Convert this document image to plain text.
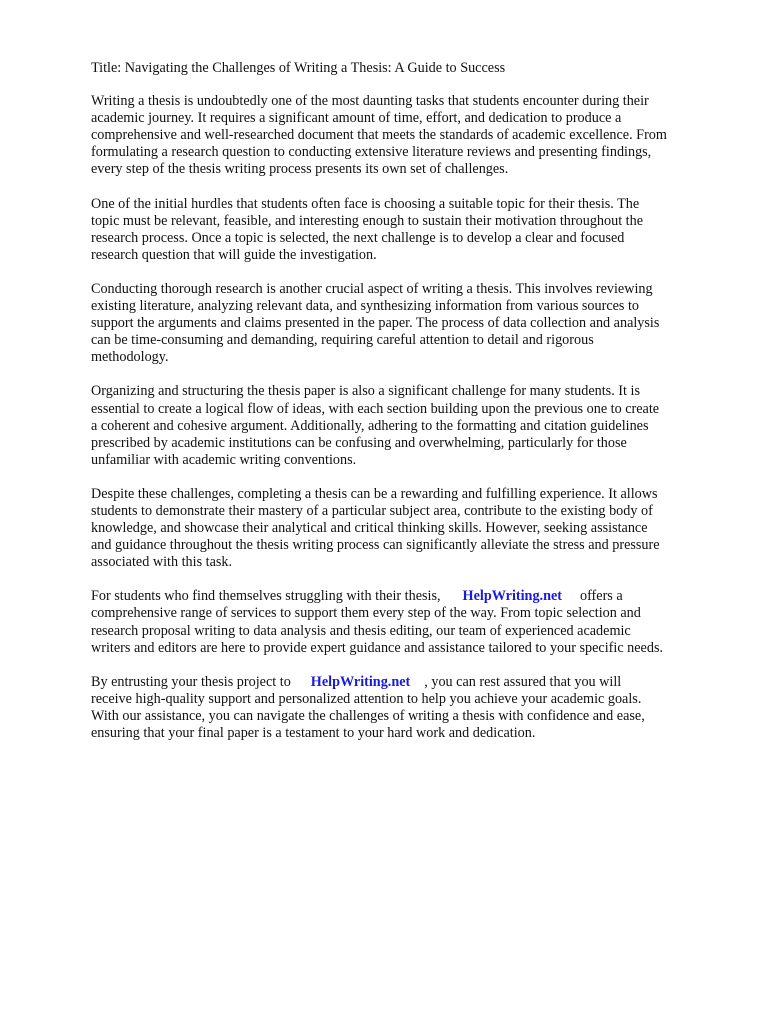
Title: Navigating the Challenges of Writing a Thesis: A Guide to Success
Writing a thesis is undoubtedly one of the most daunting tasks that students encounter during their
academic journey. It requires a significant amount of time, effort, and dedication to produce a
comprehensive and well-researched document that meets the standards of academic excellence. From
formulating a research question to conducting extensive literature reviews and presenting findings,
every step of the thesis writing process presents its own set of challenges.
One of the initial hurdles that students often face is choosing a suitable topic for their thesis. The
topic must be relevant, feasible, and interesting enough to sustain their motivation throughout the
research process. Once a topic is selected, the next challenge is to develop a clear and focused
research question that will guide the investigation.
Conducting thorough research is another crucial aspect of writing a thesis. This involves reviewing
existing literature, analyzing relevant data, and synthesizing information from various sources to
support the arguments and claims presented in the paper. The process of data collection and analysis
can be time-consuming and demanding, requiring careful attention to detail and rigorous
methodology.
Organizing and structuring the thesis paper is also a significant challenge for many students. It is
essential to create a logical flow of ideas, with each section building upon the previous one to create
a coherent and cohesive argument. Additionally, adhering to the formatting and citation guidelines
prescribed by academic institutions can be confusing and overwhelming, particularly for those
unfamiliar with academic writing conventions.
Despite these challenges, completing a thesis can be a rewarding and fulfilling experience. It allows
students to demonstrate their mastery of a particular subject area, contribute to the existing body of
knowledge, and showcase their analytical and critical thinking skills. However, seeking assistance
and guidance throughout the thesis writing process can significantly alleviate the stress and pressure
associated with this task.
For students who find themselves struggling with their thesis, HelpWriting.net offers a
comprehensive range of services to support them every step of the way. From topic selection and
research proposal writing to data analysis and thesis editing, our team of experienced academic
writers and editors are here to provide expert guidance and assistance tailored to your specific needs.
By entrusting your thesis project to HelpWriting.net , you can rest assured that you will
receive high-quality support and personalized attention to help you achieve your academic goals.
With our assistance, you can navigate the challenges of writing a thesis with confidence and ease,
ensuring that your final paper is a testament to your hard work and dedication.
